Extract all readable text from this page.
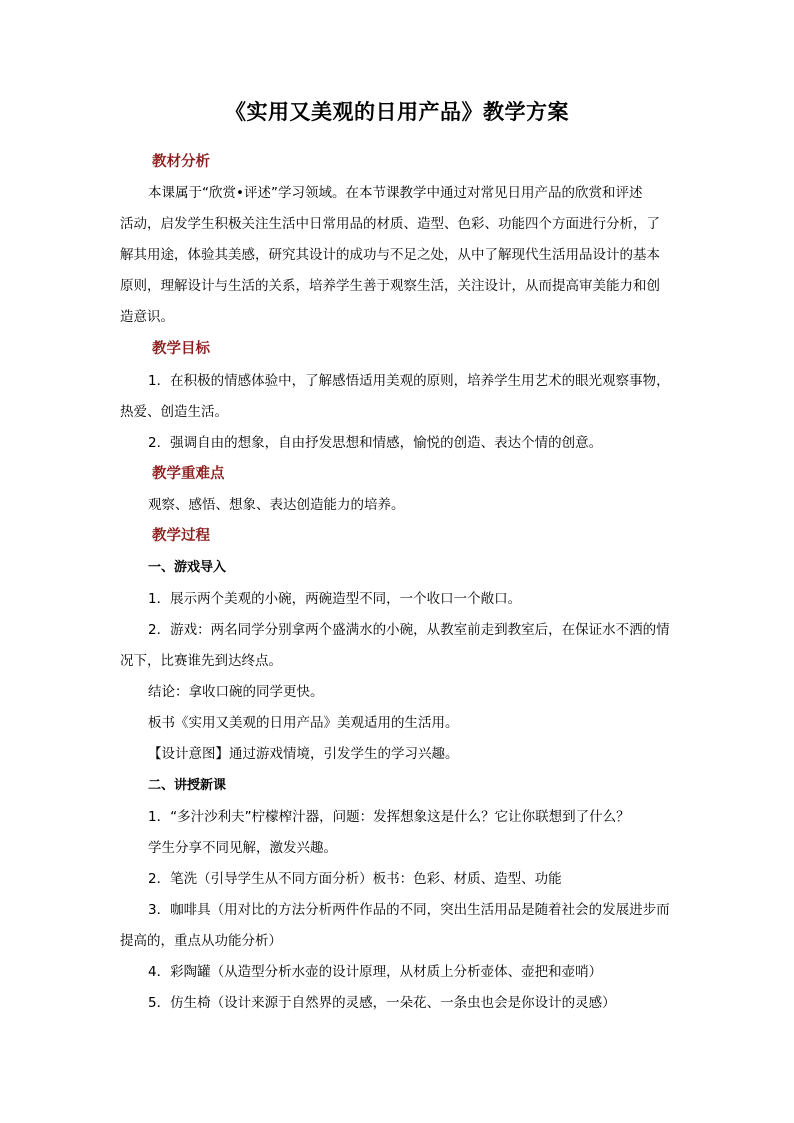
《实用又美观的日用产品》教学方案
教材分析
本课属于“欣赏•评述”学习领域。在本节课教学中通过对常见日用产品的欣赏和评述
活动，启发学生积极关注生活中日常用品的材质、造型、色彩、功能四个方面进行分析，了
解其用途，体验其美感，研究其设计的成功与不足之处，从中了解现代生活用品设计的基本
原则，理解设计与生活的关系，培养学生善于观察生活，关注设计，从而提高审美能力和创
造意识。
教学目标
1．在积极的情感体验中，了解感悟适用美观的原则，培养学生用艺术的眼光观察事物，
热爱、创造生活。
2．强调自由的想象，自由抒发思想和情感，愉悦的创造、表达个情的创意。
教学重难点
观察、感悟、想象、表达创造能力的培养。
教学过程
一、游戏导入
1．展示两个美观的小碗，两碗造型不同，一个收口一个敞口。
2．游戏：两名同学分别拿两个盛满水的小碗，从教室前走到教室后，在保证水不洒的情
况下，比赛谁先到达终点。
结论：拿收口碗的同学更快。
板书《实用又美观的日用产品》美观适用的生活用。
【设计意图】通过游戏情境，引发学生的学习兴趣。
二、讲授新课
1．“多汁沙利夫”柠檬榨汁器，问题：发挥想象这是什么？它让你联想到了什么？
学生分享不同见解，激发兴趣。
2．笔洗（引导学生从不同方面分析）板书：色彩、材质、造型、功能
3．咖啡具（用对比的方法分析两件作品的不同，突出生活用品是随着社会的发展进步而
提高的，重点从功能分析）
4．彩陶罐（从造型分析水壶的设计原理，从材质上分析壶体、壶把和壶哨）
5．仿生椅（设计来源于自然界的灵感，一朵花、一条虫也会是你设计的灵感）
